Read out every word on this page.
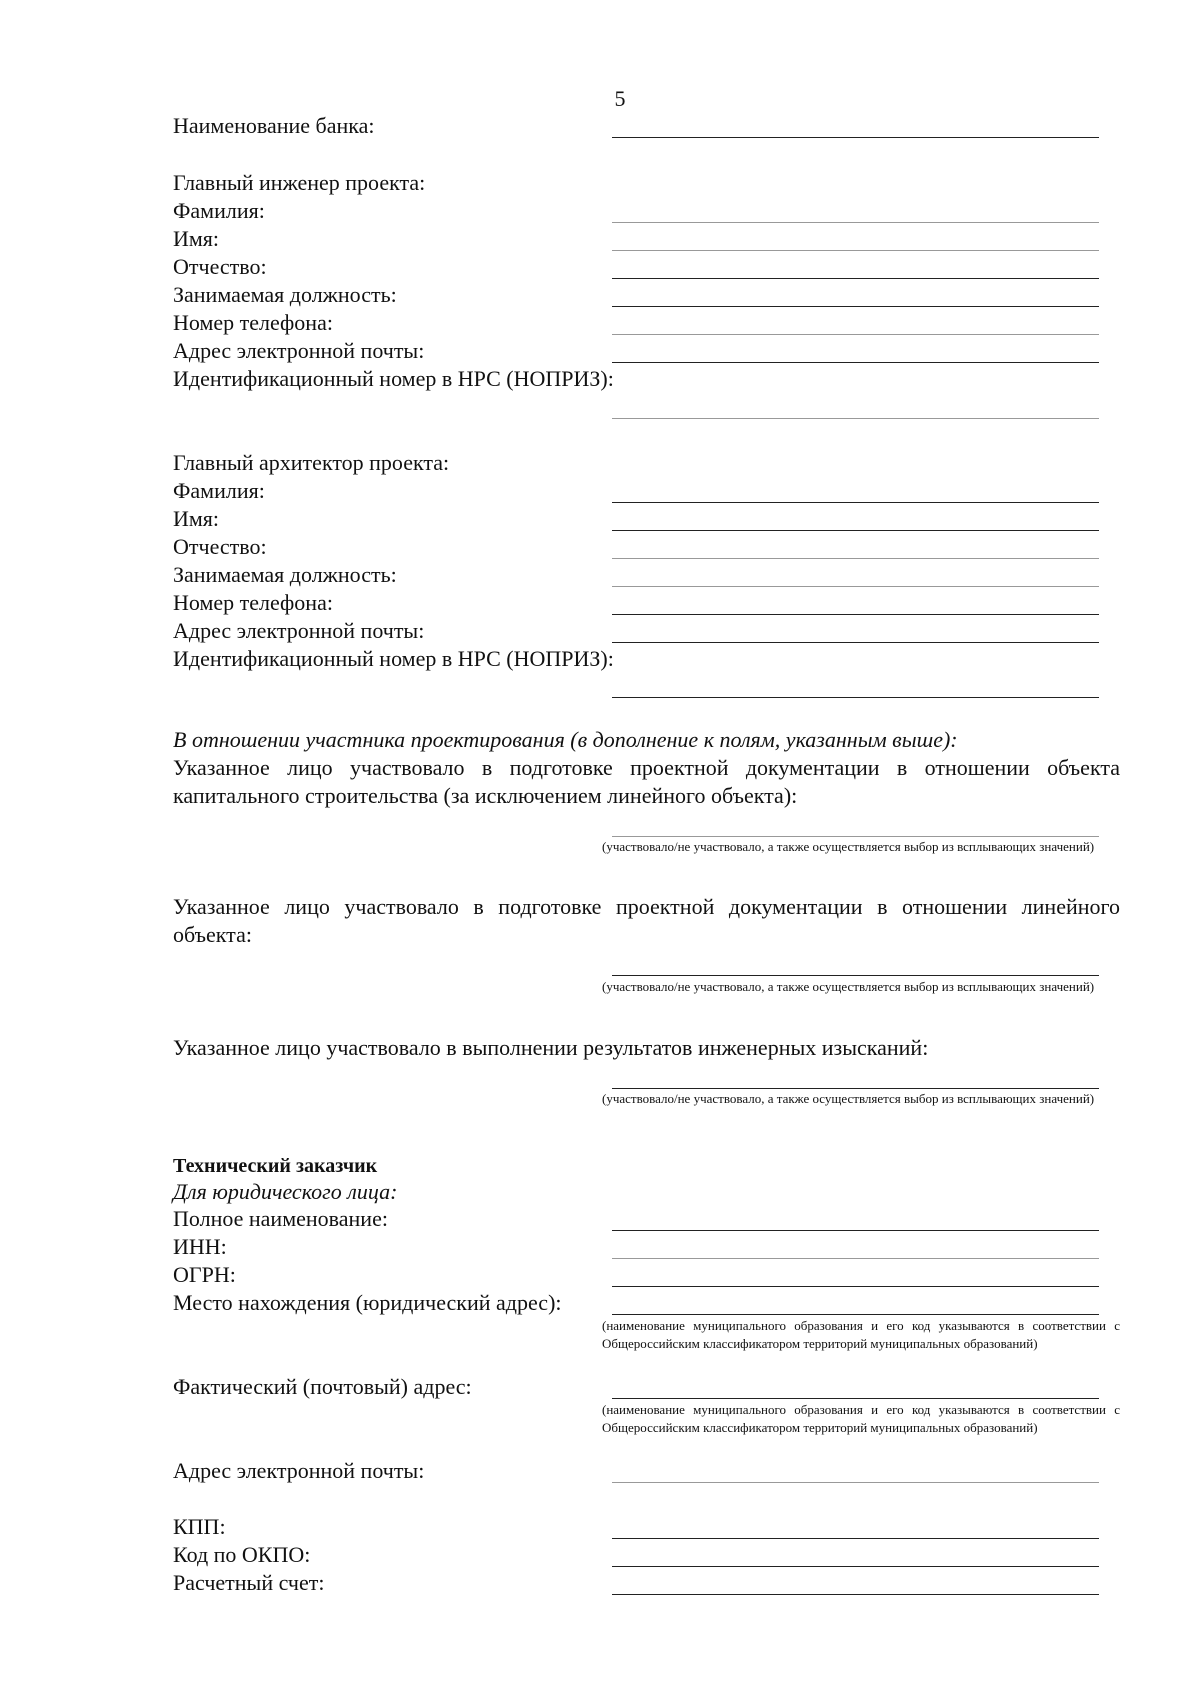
5
Наименование банка:
Главный инженер проекта:
Фамилия:
Имя:
Отчество:
Занимаемая должность:
Номер телефона:
Адрес электронной почты:
Идентификационный номер в НРС (НОПРИЗ):
Главный архитектор проекта:
Фамилия:
Имя:
Отчество:
Занимаемая должность:
Номер телефона:
Адрес электронной почты:
Идентификационный номер в НРС (НОПРИЗ):
В отношении участника проектирования (в дополнение к полям, указанным выше):
Указанное лицо участвовало в подготовке проектной документации в отношении объекта капитального строительства (за исключением линейного объекта):
(участвовало/не участвовало, а также осуществляется выбор из всплывающих значений)
Указанное лицо участвовало в подготовке проектной документации в отношении линейного объекта:
(участвовало/не участвовало, а также осуществляется выбор из всплывающих значений)
Указанное лицо участвовало в выполнении результатов инженерных изысканий:
(участвовало/не участвовало, а также осуществляется выбор из всплывающих значений)
Технический заказчик
Для юридического лица:
Полное наименование:
ИНН:
ОГРН:
Место нахождения (юридический адрес):
(наименование муниципального образования и его код указываются в соответствии с Общероссийским классификатором территорий муниципальных образований)
Фактический (почтовый) адрес:
(наименование муниципального образования и его код указываются в соответствии с Общероссийским классификатором территорий муниципальных образований)
Адрес электронной почты:
КПП:
Код по ОКПО:
Расчетный счет:
